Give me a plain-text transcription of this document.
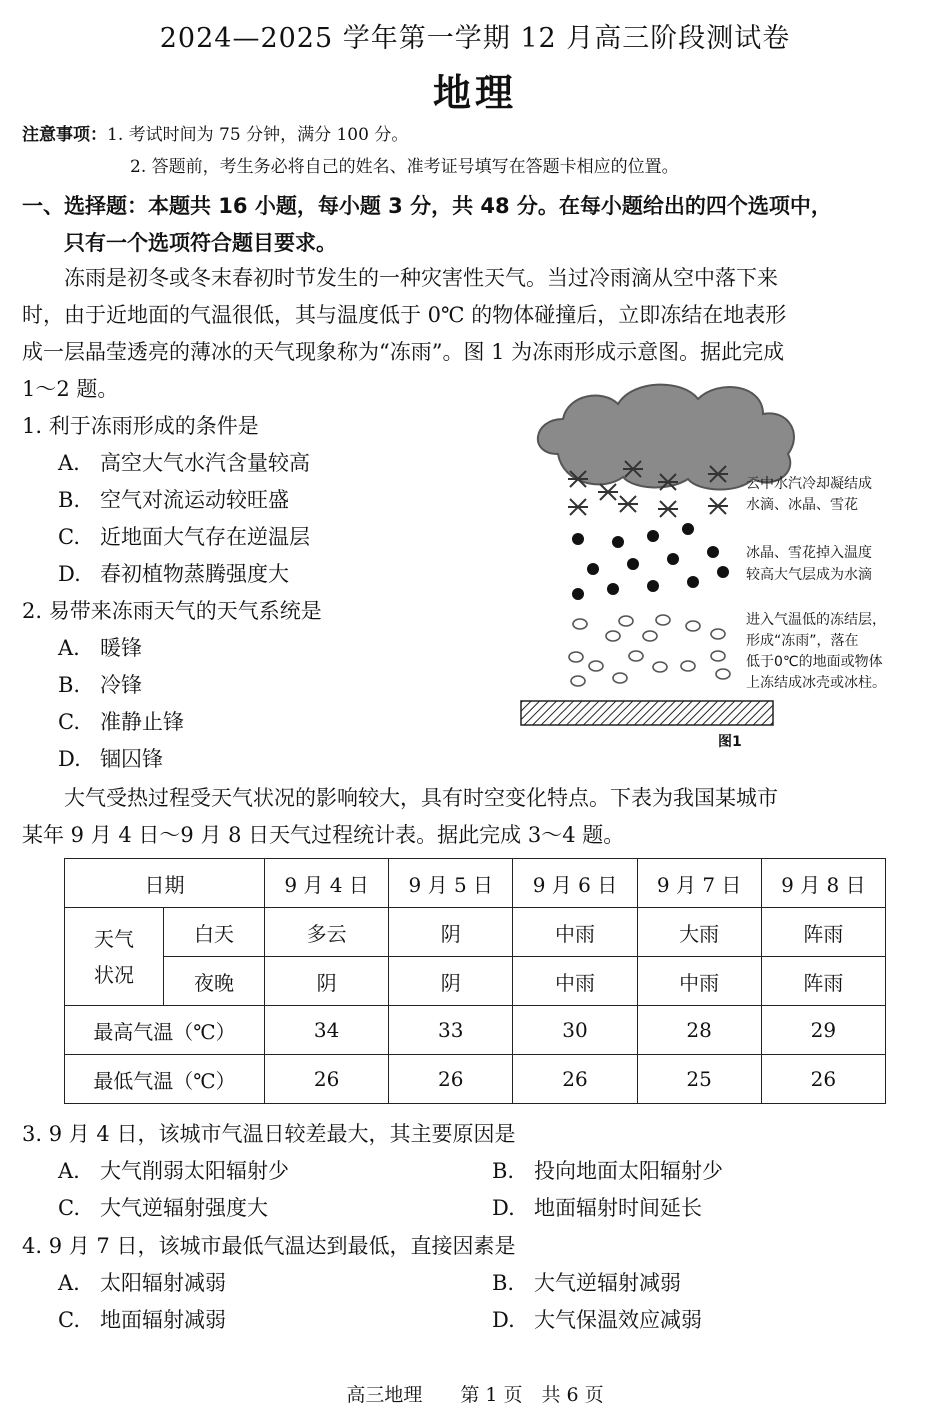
2024—2025 学年第一学期 12 月高三阶段测试卷
地理
注意事项：1. 考试时间为 75 分钟，满分 100 分。
2. 答题前，考生务必将自己的姓名、准考证号填写在答题卡相应的位置。
一、选择题：本题共 16 小题，每小题 3 分，共 48 分。在每小题给出的四个选项中，
只有一个选项符合题目要求。
冻雨是初冬或冬末春初时节发生的一种灾害性天气。当过冷雨滴从空中落下来
时，由于近地面的气温很低，其与温度低于 0℃ 的物体碰撞后，立即冻结在地表形
成一层晶莹透亮的薄冰的天气现象称为“冻雨”。图 1 为冻雨形成示意图。据此完成
1～2 题。
云中水汽冷却凝结成
水滴、冰晶、雪花
冰晶、雪花掉入温度
较高大气层成为水滴
进入气温低的冻结层，
形成“冻雨”，落在
低于0℃的地面或物体
上冻结成冰壳或冰柱。
图1
1. 利于冻雨形成的条件是
A. 高空大气水汽含量较高
B. 空气对流运动较旺盛
C. 近地面大气存在逆温层
D. 春初植物蒸腾强度大
2. 易带来冻雨天气的天气系统是
A. 暖锋
B. 冷锋
C. 准静止锋
D. 锢囚锋
大气受热过程受天气状况的影响较大，具有时空变化特点。下表为我国某城市
某年 9 月 4 日～9 月 8 日天气过程统计表。据此完成 3～4 题。
日期		9 月 4 日	9 月 5 日	9 月 6 日	9 月 7 日	9 月 8 日

天气
状况	白天	多云	阴	中雨	大雨	阵雨
	夜晚	阴	阴	中雨	中雨	阵雨
最高气温（℃）		34	33	30	28	29
最低气温（℃）		26	26	26	25	26
3. 9 月 4 日，该城市气温日较差最大，其主要原因是
A. 大气削弱太阳辐射少	B. 投向地面太阳辐射少
C. 大气逆辐射强度大	D. 地面辐射时间延长
4. 9 月 7 日，该城市最低气温达到最低，直接因素是
A. 太阳辐射减弱	B. 大气逆辐射减弱
C. 地面辐射减弱	D. 大气保温效应减弱
高三地理　　第 1 页　共 6 页
